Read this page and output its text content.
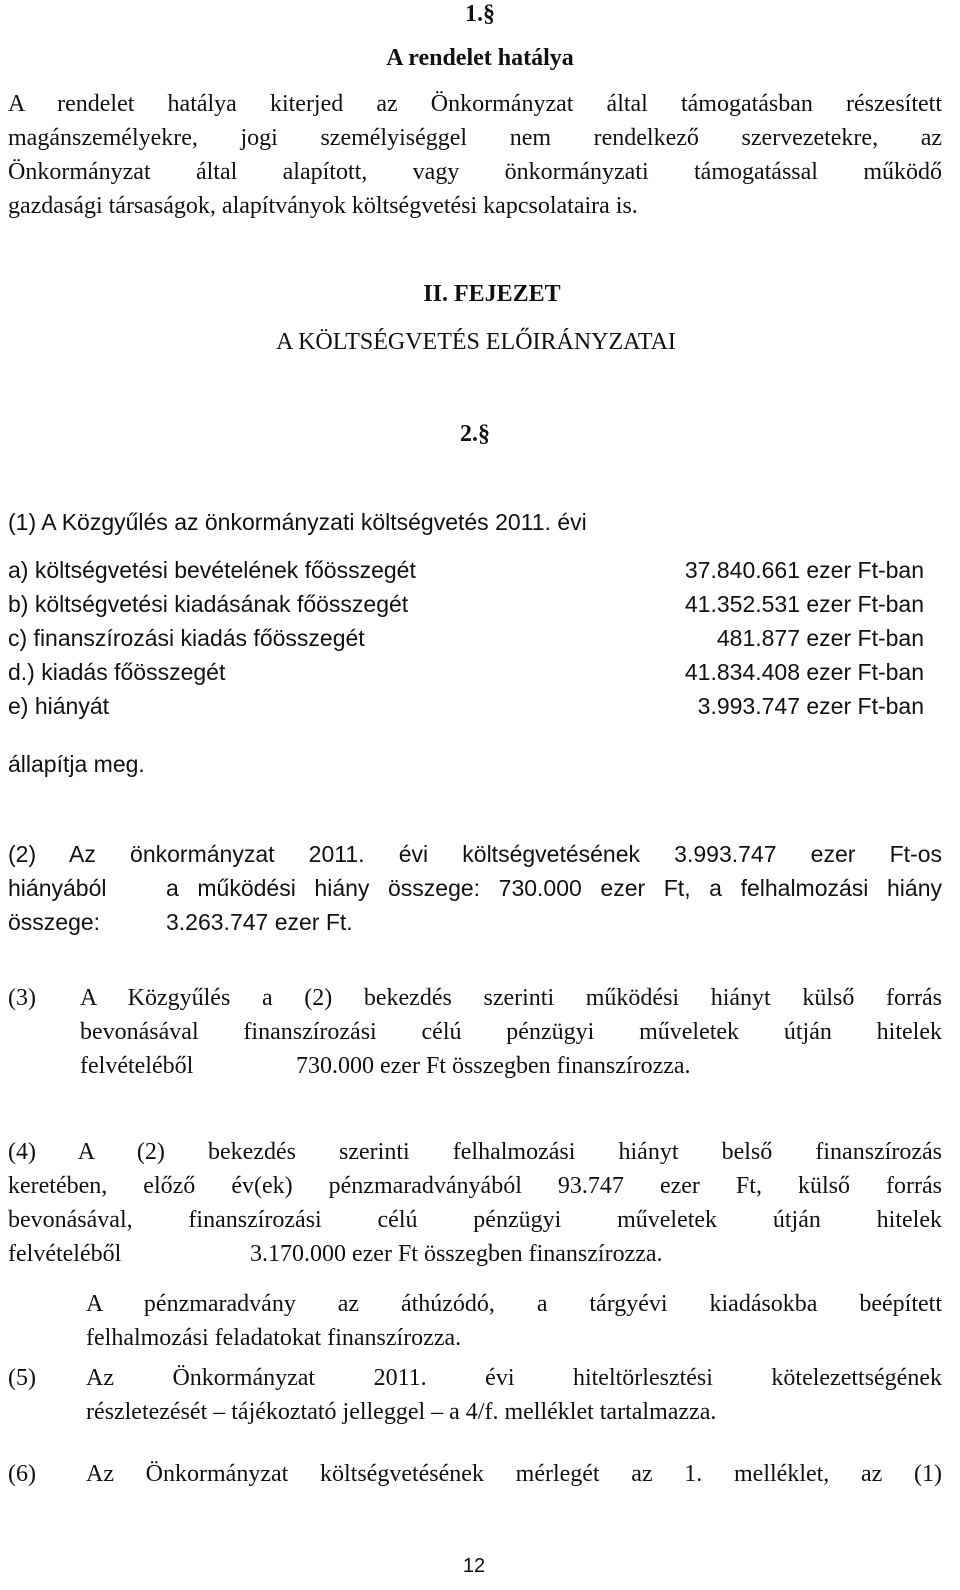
1.§
A rendelet hatálya
A rendelet hatálya kiterjed az Önkormányzat által támogatásban részesített
magánszemélyekre, jogi személyiséggel nem rendelkező szervezetekre, az
Önkormányzat által alapított, vagy önkormányzati támogatással működő
gazdasági társaságok, alapítványok költségvetési kapcsolataira is.
II. FEJEZET
A KÖLTSÉGVETÉS ELŐIRÁNYZATAI
2.§
(1) A Közgyűlés az önkormányzati költségvetés 2011. évi
a) költségvetési bevételének főösszegét	37.840.661 ezer Ft-ban
b) költségvetési kiadásának főösszegét	41.352.531 ezer Ft-ban
c) finanszírozási kiadás főösszegét	481.877 ezer Ft-ban
d.) kiadás főösszegét	41.834.408 ezer Ft-ban
e) hiányát	3.993.747 ezer Ft-ban
állapítja meg.
(2) Az önkormányzat 2011. évi költségvetésének 3.993.747 ezer Ft-os
hiányából	a működési hiány összege: 730.000 ezer Ft, a felhalmozási hiány
összege:	3.263.747 ezer Ft.
(3) A Közgyűlés a (2) bekezdés szerinti működési hiányt külső forrás
bevonásával finanszírozási célú pénzügyi műveletek útján hitelek
felvételéből	730.000 ezer Ft összegben finanszírozza.
(4) A (2) bekezdés szerinti felhalmozási hiányt belső finanszírozás
keretében, előző év(ek) pénzmaradványából 93.747 ezer Ft, külső forrás
bevonásával, finanszírozási célú pénzügyi műveletek útján hitelek
felvételéből	3.170.000 ezer Ft összegben finanszírozza.
A pénzmaradvány az áthúzódó, a tárgyévi kiadásokba beépített
felhalmozási feladatokat finanszírozza.
(5) Az Önkormányzat 2011. évi hiteltörlesztési kötelezettségének
részletezését – tájékoztató jelleggel – a 4/f. melléklet tartalmazza.
(6) Az Önkormányzat költségvetésének mérlegét az 1. melléklet, az (1)
12
